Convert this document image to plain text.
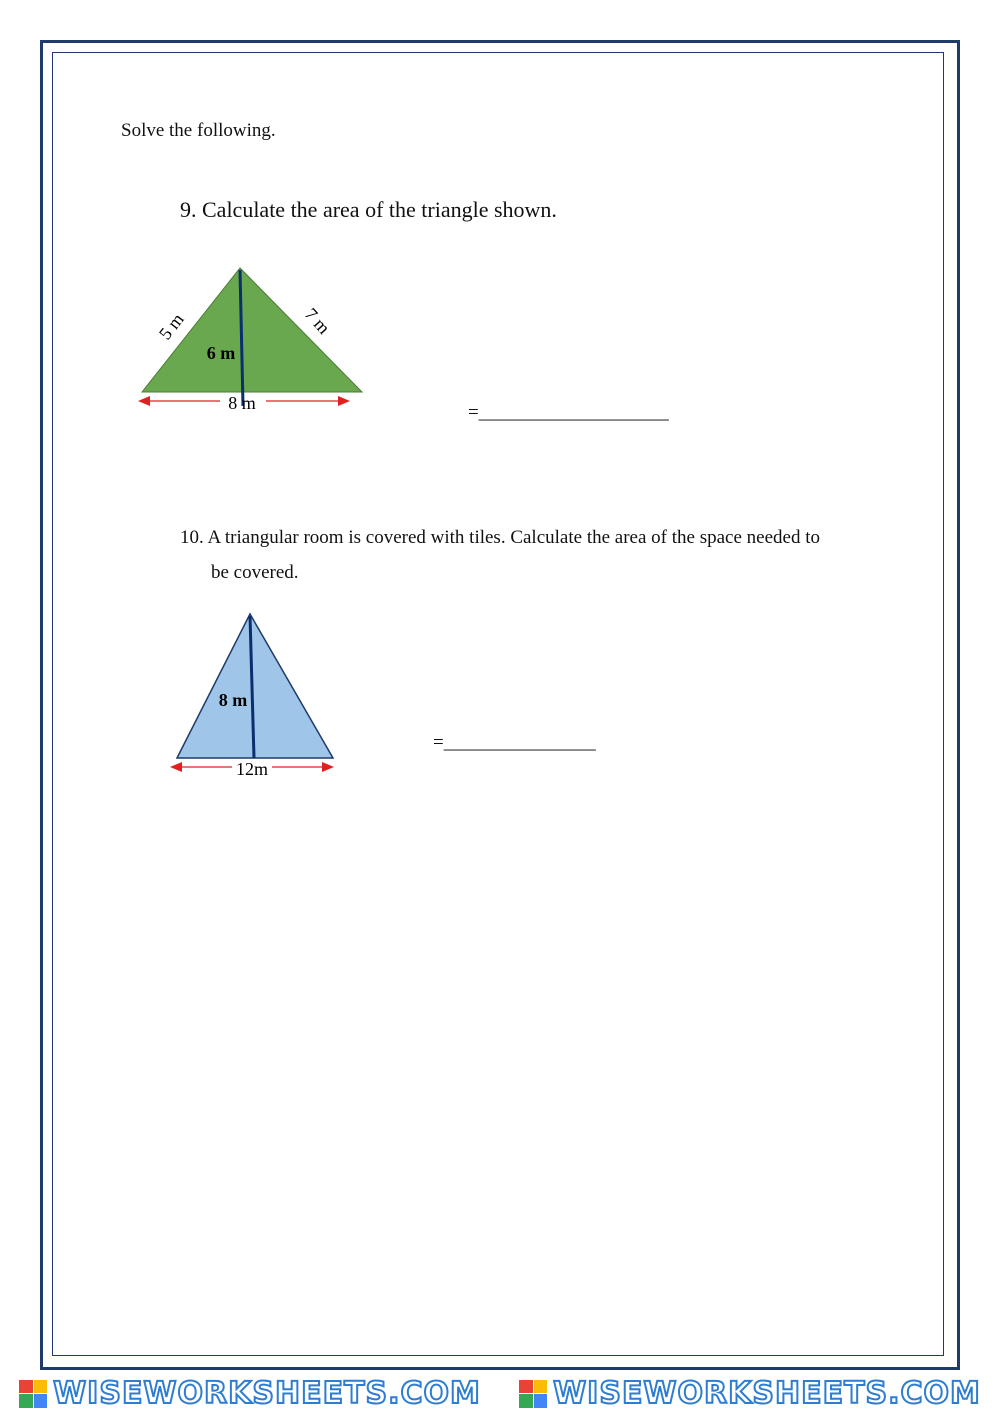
Solve the following.
9. Calculate the area of the triangle shown.
5 m	7 m
6 m
8 m
8 m
12m
=____________________
10. A triangular room is covered with tiles. Calculate the area of the space needed to
be covered.
=________________
WISEWORKSHEETS.COM WISEWORKSHEETS.COM
